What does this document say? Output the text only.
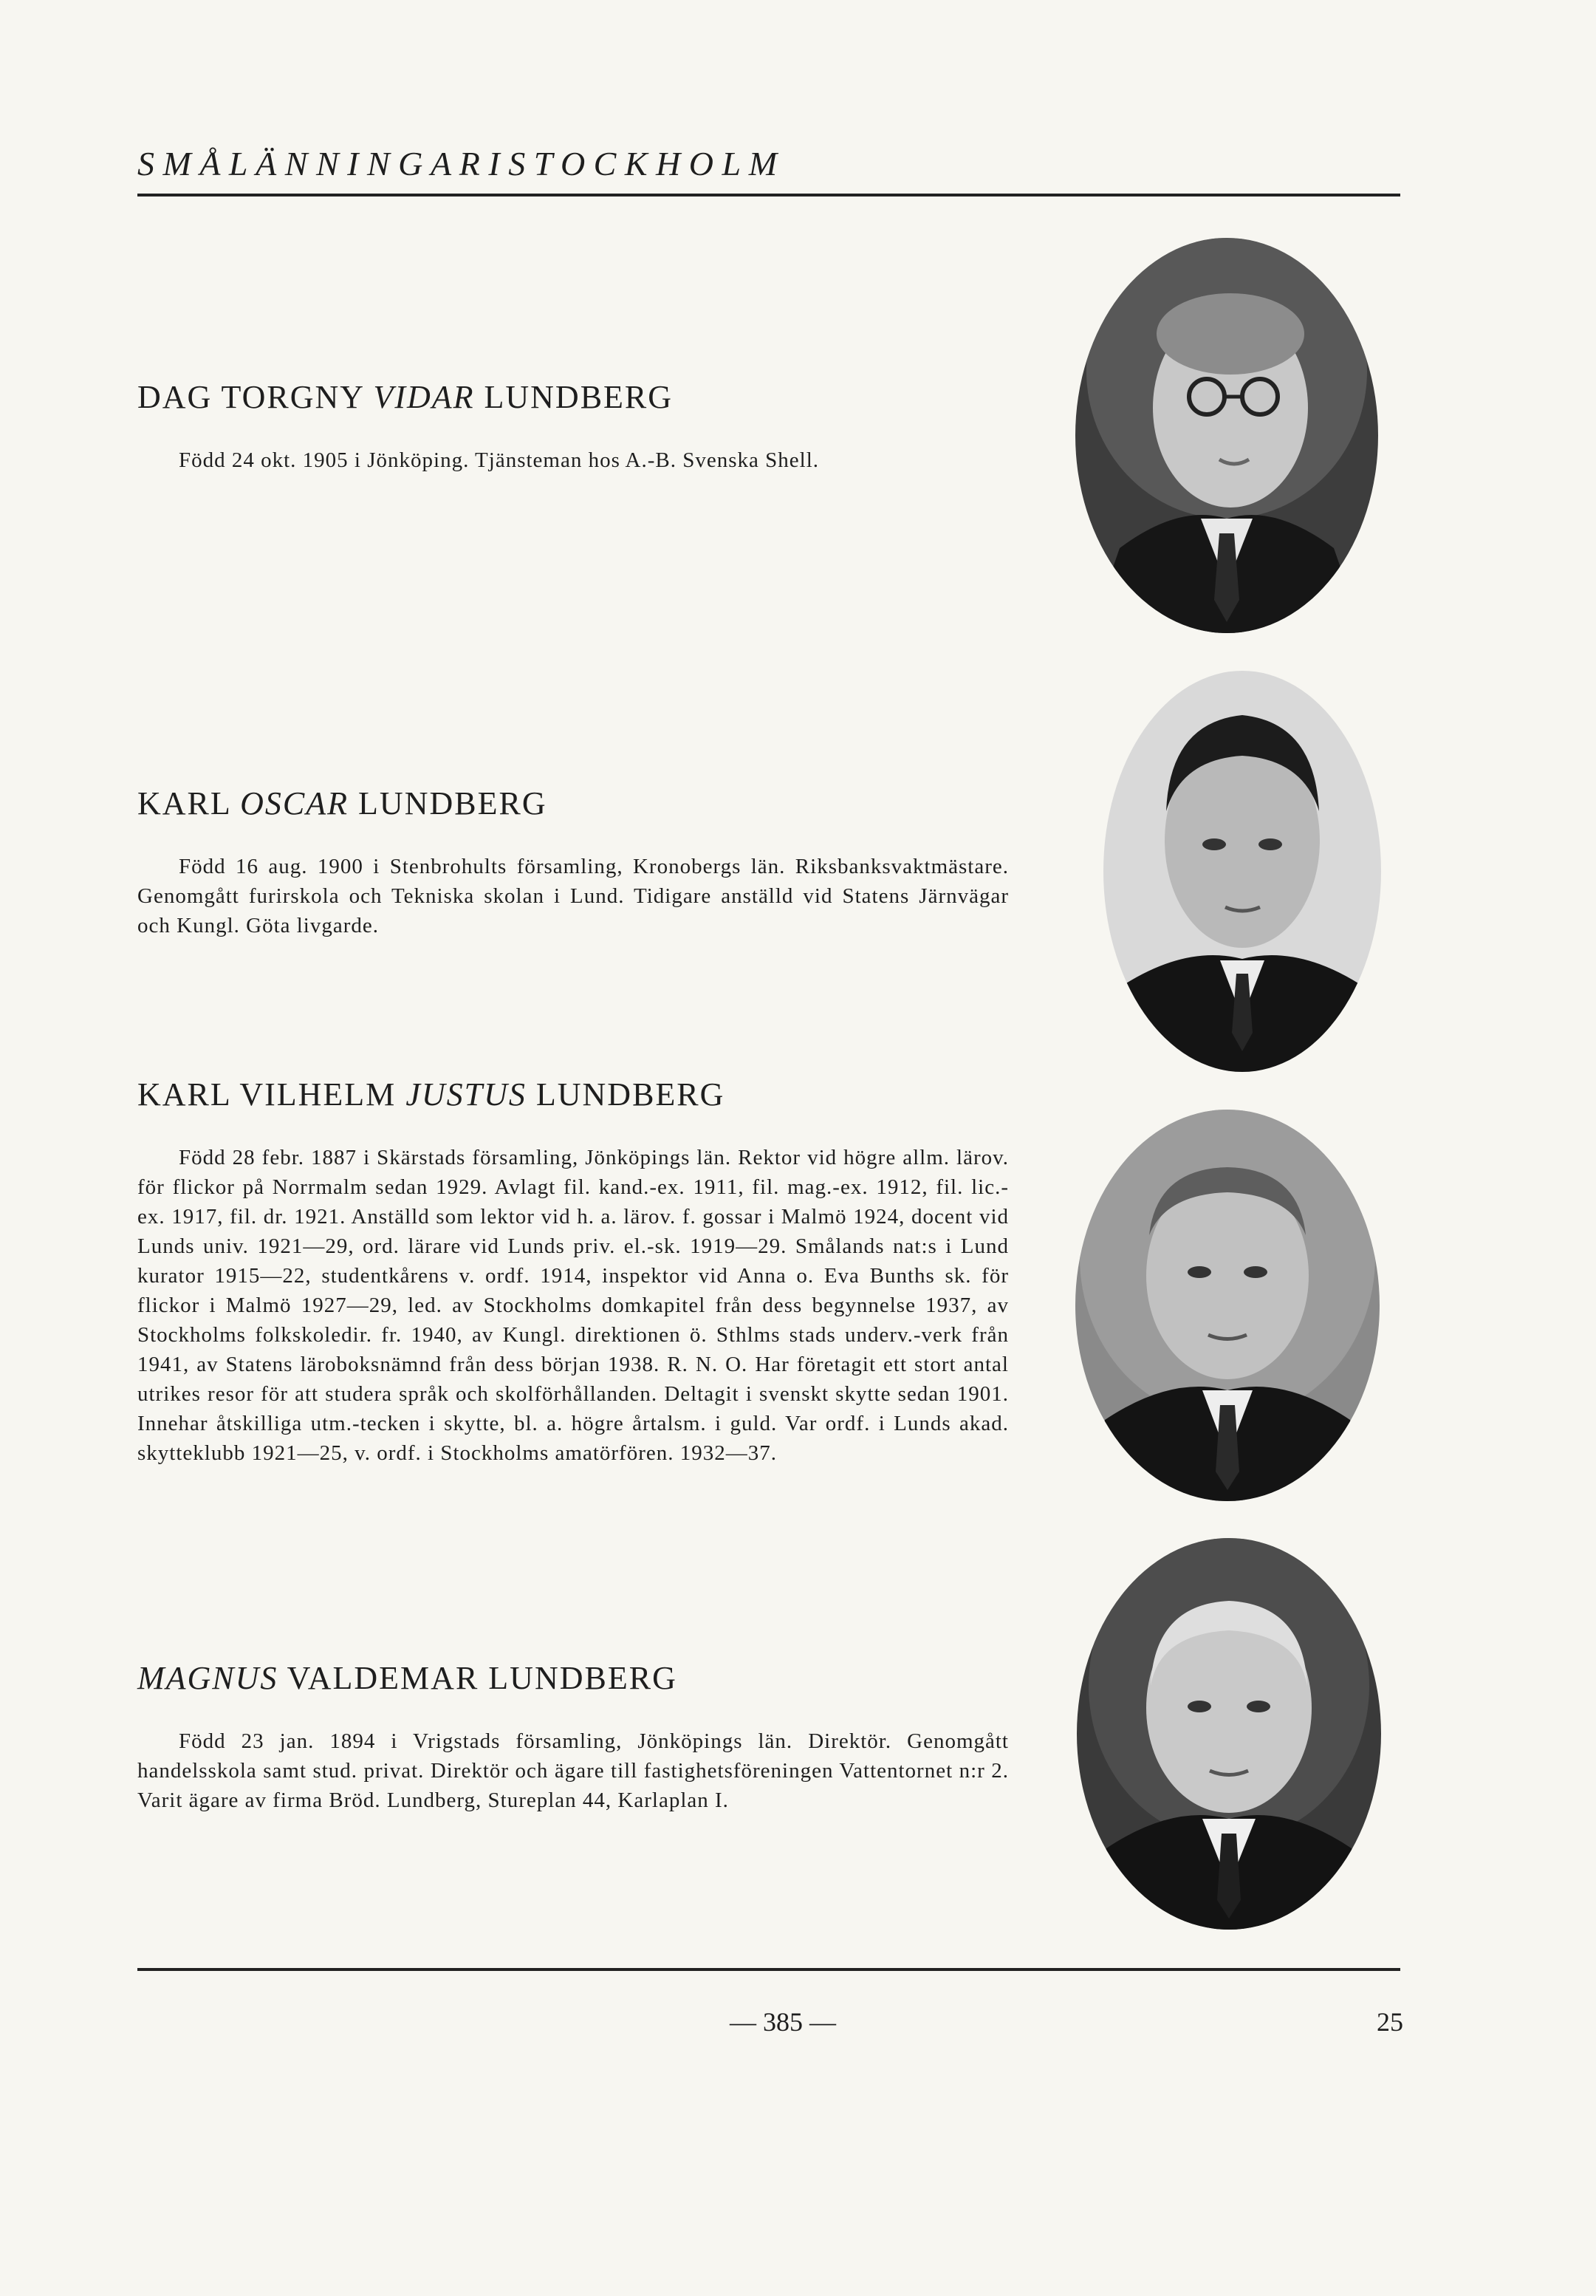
S M Å L Ä N N I N G A R I S T O C K H O L M
DAG TORGNY VIDAR LUNDBERG

Född 24 okt. 1905 i Jönköping. Tjänsteman hos A.-B. Svenska Shell.

KARL OSCAR LUNDBERG

Född 16 aug. 1900 i Stenbrohults församling, Kronobergs län. Riksbanksvaktmästare. Genomgått furirskola och Tekniska skolan i Lund. Tidigare anställd vid Statens Järnvägar och Kungl. Göta livgarde.

KARL VILHELM JUSTUS LUNDBERG

Född 28 febr. 1887 i Skärstads församling, Jönköpings län. Rektor vid högre allm. lärov. för flickor på Norrmalm sedan 1929. Avlagt fil. kand.-ex. 1911, fil. mag.-ex. 1912, fil. lic.-ex. 1917, fil. dr. 1921. Anställd som lektor vid h. a. lärov. f. gossar i Malmö 1924, docent vid Lunds univ. 1921—29, ord. lärare vid Lunds priv. el.-sk. 1919—29. Smålands nat:s i Lund kurator 1915—22, studentkårens v. ordf. 1914, inspektor vid Anna o. Eva Bunths sk. för flickor i Malmö 1927—29, led. av Stockholms domkapitel från dess begynnelse 1937, av Stockholms folkskoledir. fr. 1940, av Kungl. direktionen ö. Sthlms stads underv.-verk från 1941, av Statens läroboksnämnd från dess början 1938. R. N. O. Har företagit ett stort antal utrikes resor för att studera språk och skolförhållanden. Deltagit i svenskt skytte sedan 1901. Innehar åtskilliga utm.-tecken i skytte, bl. a. högre årtalsm. i guld. Var ordf. i Lunds akad. skytteklubb 1921—25, v. ordf. i Stockholms amatörfören. 1932—37.

MAGNUS VALDEMAR LUNDBERG

Född 23 jan. 1894 i Vrigstads församling, Jönköpings län. Direktör. Genomgått handelsskola samt stud. privat. Direktör och ägare till fastighetsföreningen Vattentornet n:r 2. Varit ägare av firma Bröd. Lundberg, Stureplan 44, Karlaplan I.

— 385 —	25
